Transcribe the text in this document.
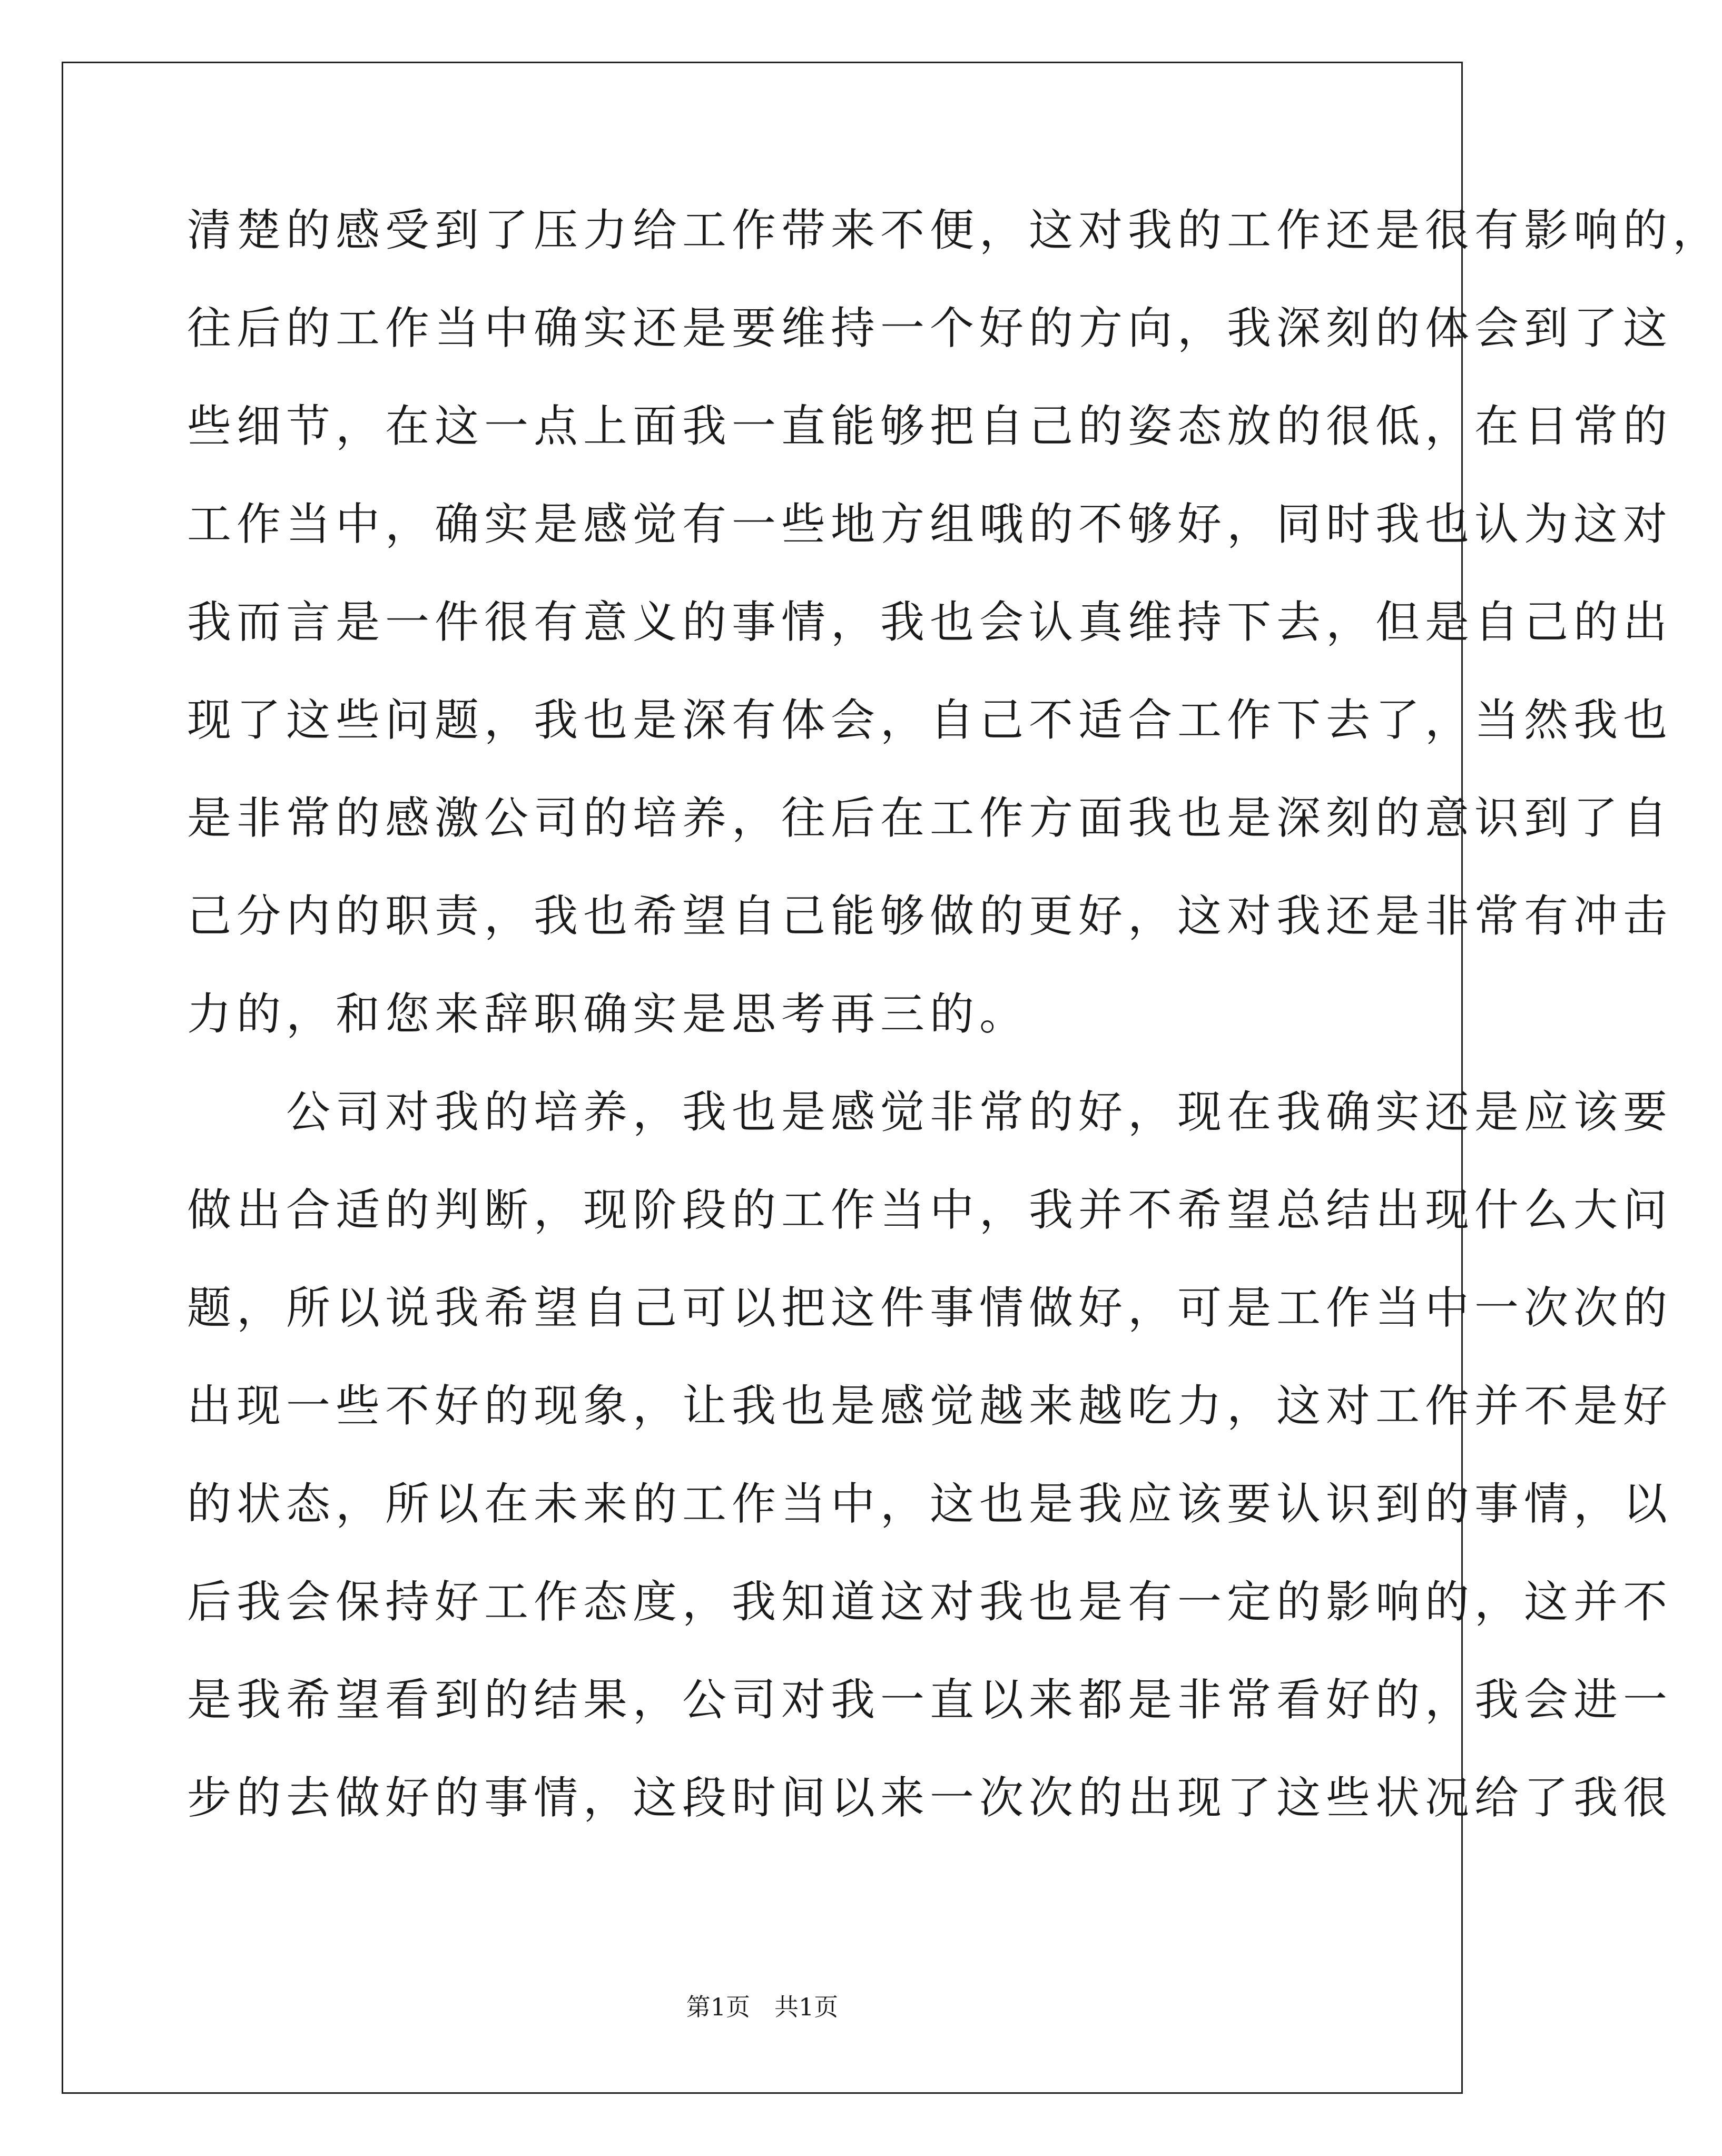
清楚的感受到了压力给工作带来不便，这对我的工作还是很有影响的，
往后的工作当中确实还是要维持一个好的方向，我深刻的体会到了这
些细节，在这一点上面我一直能够把自己的姿态放的很低，在日常的
工作当中，确实是感觉有一些地方组哦的不够好，同时我也认为这对
我而言是一件很有意义的事情，我也会认真维持下去，但是自己的出
现了这些问题，我也是深有体会，自己不适合工作下去了，当然我也
是非常的感激公司的培养，往后在工作方面我也是深刻的意识到了自
己分内的职责，我也希望自己能够做的更好，这对我还是非常有冲击
力的，和您来辞职确实是思考再三的。
　　公司对我的培养，我也是感觉非常的好，现在我确实还是应该要
做出合适的判断，现阶段的工作当中，我并不希望总结出现什么大问
题，所以说我希望自己可以把这件事情做好，可是工作当中一次次的
出现一些不好的现象，让我也是感觉越来越吃力，这对工作并不是好
的状态，所以在未来的工作当中，这也是我应该要认识到的事情，以
后我会保持好工作态度，我知道这对我也是有一定的影响的，这并不
是我希望看到的结果，公司对我一直以来都是非常看好的，我会进一
步的去做好的事情，这段时间以来一次次的出现了这些状况给了我很
第1页　共1页
